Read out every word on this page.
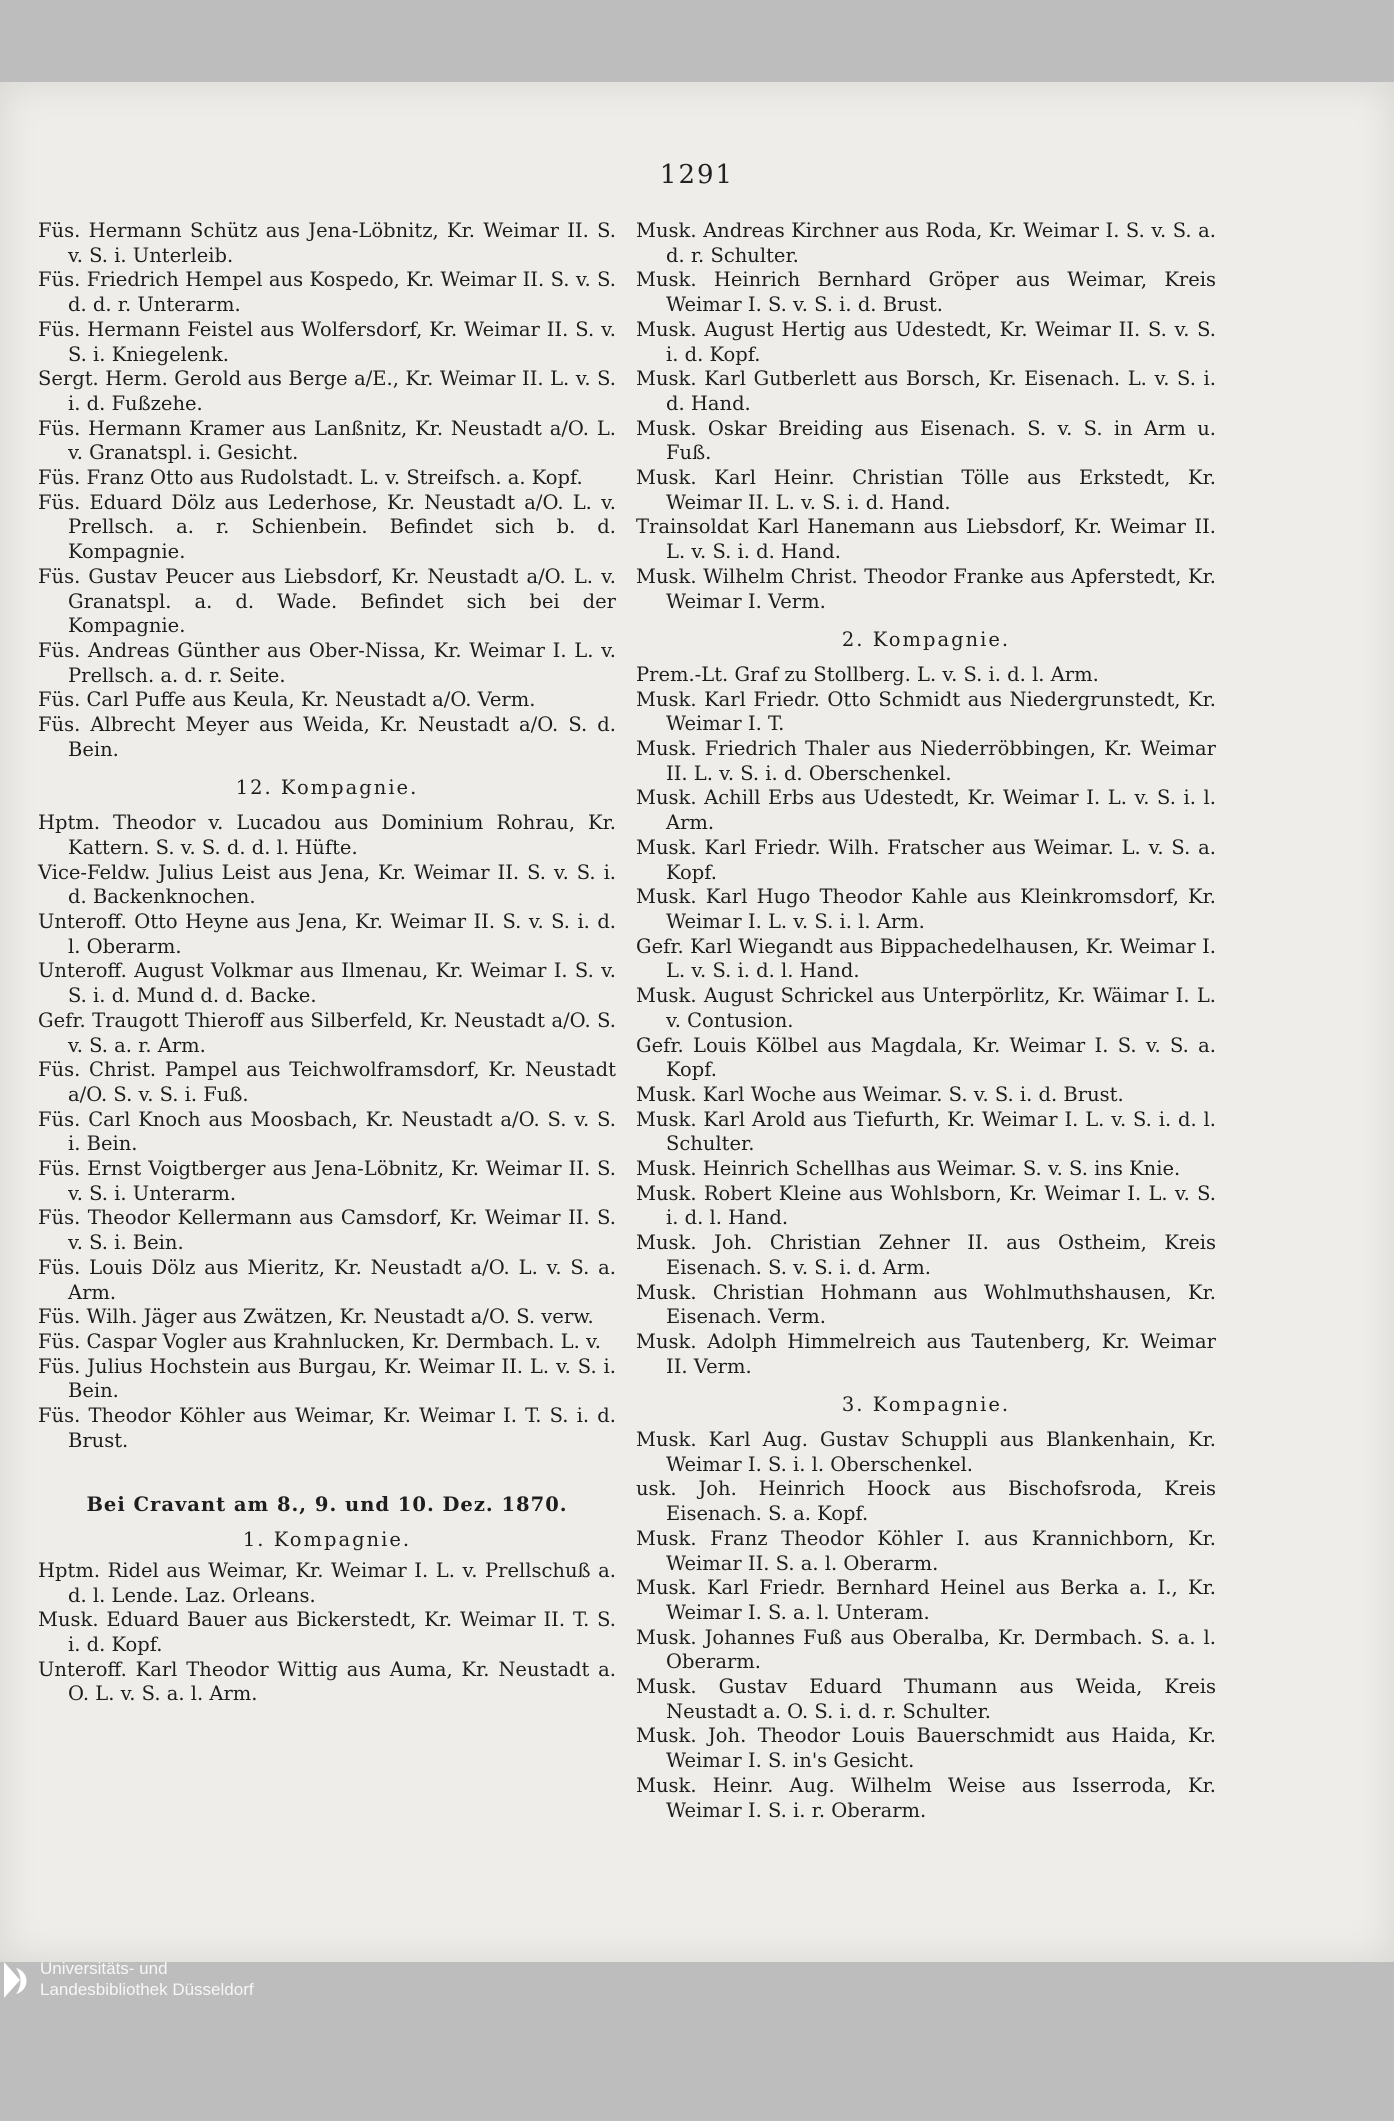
1291
Füs. Hermann Schütz aus Jena-Löbnitz, Kr. Weimar II. S. v. S. i. Unterleib.
Füs. Friedrich Hempel aus Kospedo, Kr. Weimar II. S. v. S. d. d. r. Unterarm.
Füs. Hermann Feistel aus Wolfersdorf, Kr. Weimar II. S. v. S. i. Kniegelenk.
Sergt. Herm. Gerold aus Berge a/E., Kr. Weimar II. L. v. S. i. d. Fußzehe.
Füs. Hermann Kramer aus Lanßnitz, Kr. Neustadt a/O. L. v. Granatspl. i. Gesicht.
Füs. Franz Otto aus Rudolstadt. L. v. Streifsch. a. Kopf.
Füs. Eduard Dölz aus Lederhose, Kr. Neustadt a/O. L. v. Prellsch. a. r. Schienbein. Befindet sich b. d. Kompagnie.
Füs. Gustav Peucer aus Liebsdorf, Kr. Neustadt a/O. L. v. Granatspl. a. d. Wade. Befindet sich bei der Kompagnie.
Füs. Andreas Günther aus Ober-Nissa, Kr. Weimar I. L. v. Prellsch. a. d. r. Seite.
Füs. Carl Puffe aus Keula, Kr. Neustadt a/O. Verm.
Füs. Albrecht Meyer aus Weida, Kr. Neustadt a/O. S. d. Bein.
12. Kompagnie.
Hptm. Theodor v. Lucadou aus Dominium Rohrau, Kr. Kattern. S. v. S. d. d. l. Hüfte.
Vice-Feldw. Julius Leist aus Jena, Kr. Weimar II. S. v. S. i. d. Backenknochen.
Unteroff. Otto Heyne aus Jena, Kr. Weimar II. S. v. S. i. d. l. Oberarm.
Unteroff. August Volkmar aus Ilmenau, Kr. Weimar I. S. v. S. i. d. Mund d. d. Backe.
Gefr. Traugott Thieroff aus Silberfeld, Kr. Neustadt a/O. S. v. S. a. r. Arm.
Füs. Christ. Pampel aus Teichwolframsdorf, Kr. Neustadt a/O. S. v. S. i. Fuß.
Füs. Carl Knoch aus Moosbach, Kr. Neustadt a/O. S. v. S. i. Bein.
Füs. Ernst Voigtberger aus Jena-Löbnitz, Kr. Weimar II. S. v. S. i. Unterarm.
Füs. Theodor Kellermann aus Camsdorf, Kr. Weimar II. S. v. S. i. Bein.
Füs. Louis Dölz aus Mieritz, Kr. Neustadt a/O. L. v. S. a. Arm.
Füs. Wilh. Jäger aus Zwätzen, Kr. Neustadt a/O. S. verw.
Füs. Caspar Vogler aus Krahnlucken, Kr. Dermbach. L. v.
Füs. Julius Hochstein aus Burgau, Kr. Weimar II. L. v. S. i. Bein.
Füs. Theodor Köhler aus Weimar, Kr. Weimar I. T. S. i. d. Brust.
Bei Cravant am 8., 9. und 10. Dez. 1870.
1. Kompagnie.
Hptm. Ridel aus Weimar, Kr. Weimar I. L. v. Prellschuß a. d. l. Lende. Laz. Orleans.
Musk. Eduard Bauer aus Bickerstedt, Kr. Weimar II. T. S. i. d. Kopf.
Unteroff. Karl Theodor Wittig aus Auma, Kr. Neustadt a. O. L. v. S. a. l. Arm.
Musk. Andreas Kirchner aus Roda, Kr. Weimar I. S. v. S. a. d. r. Schulter.
Musk. Heinrich Bernhard Gröper aus Weimar, Kreis Weimar I. S. v. S. i. d. Brust.
Musk. August Hertig aus Udestedt, Kr. Weimar II. S. v. S. i. d. Kopf.
Musk. Karl Gutberlett aus Borsch, Kr. Eisenach. L. v. S. i. d. Hand.
Musk. Oskar Breiding aus Eisenach. S. v. S. in Arm u. Fuß.
Musk. Karl Heinr. Christian Tölle aus Erkstedt, Kr. Weimar II. L. v. S. i. d. Hand.
Trainsoldat Karl Hanemann aus Liebsdorf, Kr. Weimar II. L. v. S. i. d. Hand.
Musk. Wilhelm Christ. Theodor Franke aus Apferstedt, Kr. Weimar I. Verm.
2. Kompagnie.
Prem.-Lt. Graf zu Stollberg. L. v. S. i. d. l. Arm.
Musk. Karl Friedr. Otto Schmidt aus Niedergrunstedt, Kr. Weimar I. T.
Musk. Friedrich Thaler aus Niederröbbingen, Kr. Weimar II. L. v. S. i. d. Oberschenkel.
Musk. Achill Erbs aus Udestedt, Kr. Weimar I. L. v. S. i. l. Arm.
Musk. Karl Friedr. Wilh. Fratscher aus Weimar. L. v. S. a. Kopf.
Musk. Karl Hugo Theodor Kahle aus Kleinkromsdorf, Kr. Weimar I. L. v. S. i. l. Arm.
Gefr. Karl Wiegandt aus Bippachedelhausen, Kr. Weimar I. L. v. S. i. d. l. Hand.
Musk. August Schrickel aus Unterpörlitz, Kr. Wäimar I. L. v. Contusion.
Gefr. Louis Kölbel aus Magdala, Kr. Weimar I. S. v. S. a. Kopf.
Musk. Karl Woche aus Weimar. S. v. S. i. d. Brust.
Musk. Karl Arold aus Tiefurth, Kr. Weimar I. L. v. S. i. d. l. Schulter.
Musk. Heinrich Schellhas aus Weimar. S. v. S. ins Knie.
Musk. Robert Kleine aus Wohlsborn, Kr. Weimar I. L. v. S. i. d. l. Hand.
Musk. Joh. Christian Zehner II. aus Ostheim, Kreis Eisenach. S. v. S. i. d. Arm.
Musk. Christian Hohmann aus Wohlmuthshausen, Kr. Eisenach. Verm.
Musk. Adolph Himmelreich aus Tautenberg, Kr. Weimar II. Verm.
3. Kompagnie.
Musk. Karl Aug. Gustav Schuppli aus Blankenhain, Kr. Weimar I. S. i. l. Oberschenkel.
usk. Joh. Heinrich Hoock aus Bischofsroda, Kreis Eisenach. S. a. Kopf.
Musk. Franz Theodor Köhler I. aus Krannichborn, Kr. Weimar II. S. a. l. Oberarm.
Musk. Karl Friedr. Bernhard Heinel aus Berka a. I., Kr. Weimar I. S. a. l. Unteram.
Musk. Johannes Fuß aus Oberalba, Kr. Dermbach. S. a. l. Oberarm.
Musk. Gustav Eduard Thumann aus Weida, Kreis Neustadt a. O. S. i. d. r. Schulter.
Musk. Joh. Theodor Louis Bauerschmidt aus Haida, Kr. Weimar I. S. in's Gesicht.
Musk. Heinr. Aug. Wilhelm Weise aus Isserroda, Kr. Weimar I. S. i. r. Oberarm.
Universitäts- und
Landesbibliothek Düsseldorf
